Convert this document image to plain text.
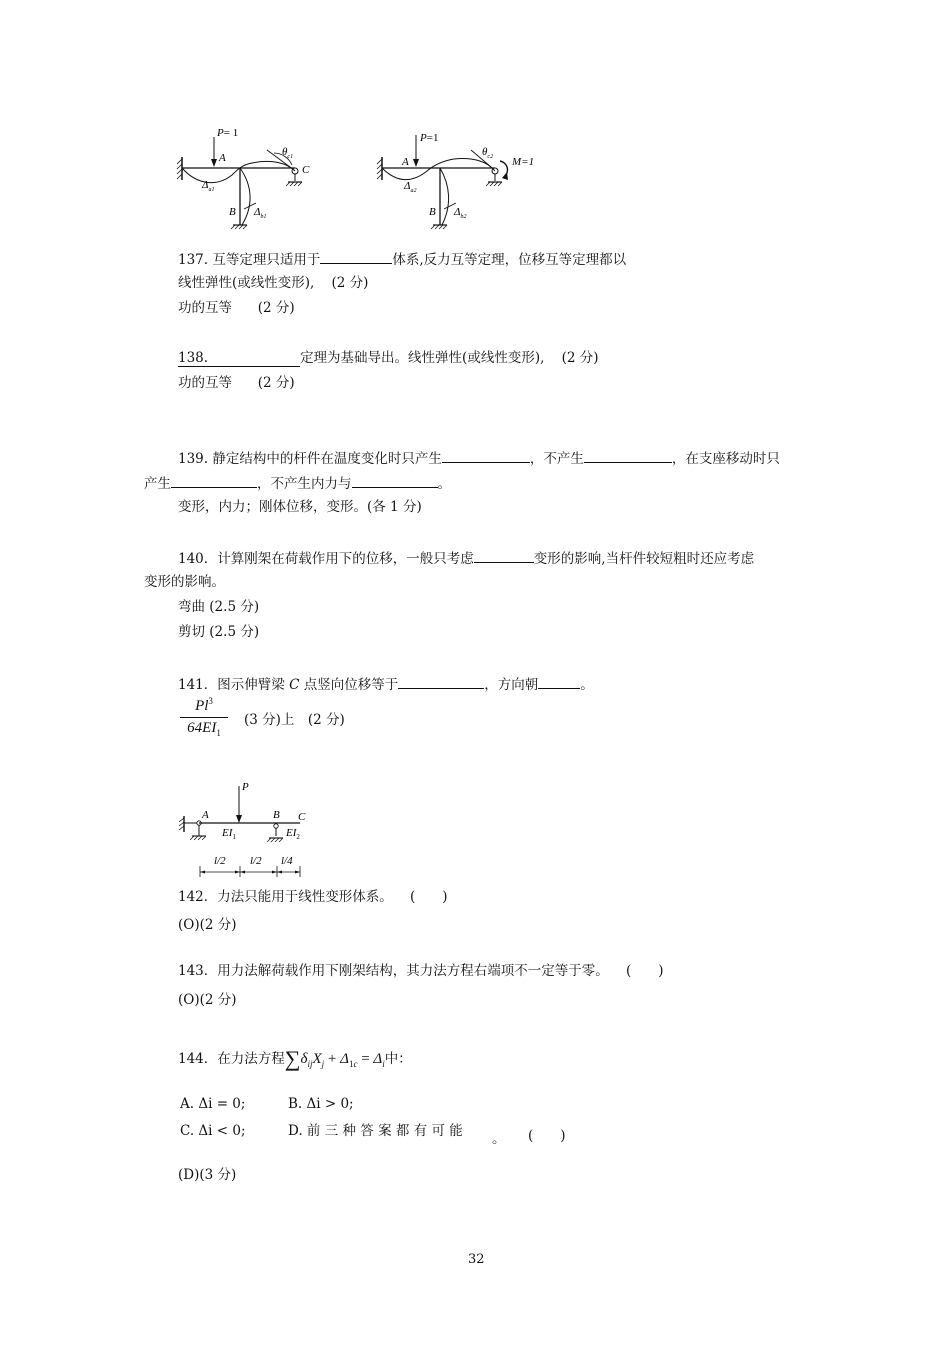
P= 1
A
C
B
$\theta_{c1}$
$\Delta_{a1}$
$\Delta_{b1}$
P=1
A
B
$\theta_{c2}$ M=1
$\Delta_{a2}$
$\Delta_{b2}$
137. 互等定理只适用于	体系,反力互等定理，位移互等定理都以
线性弹性(或线性变形), (2 分)
功的互等 (2 分)
138.	定理为基础导出。线性弹性(或线性变形), (2 分)
功的互等 (2 分)
139. 静定结构中的杆件在温度变化时只产生	，不产生	，在支座移动时只
产生	，不产生内力与	。
变形，内力；刚体位移，变形。(各 1 分)
140．计算刚架在荷载作用下的位移，一般只考虑	变形的影响,当杆件较短粗时还应考虑
变形的影响。
弯曲 (2.5 分)
剪切 (2.5 分)
141．图示伸臂梁 C 点竖向位移等于	，方向朝	。
Pl$^3$
$64EI_1$
(3 分)上　(2 分)
P
A	B C
$EI_1$	$EI_2$
l/2 l/2 l/4
142．力法只能用于线性变形体系。 (　　)
(O)(2 分)
143．用力法解荷载作用下刚架结构，其力法方程右端项不一定等于零。 (　　)
(O)(2 分)
144．在力法方程$\sum\delta_{ij}X_j + \Delta_{1c} = \Delta_i$中：
A. Δi = 0;	B. Δi > 0;
C. Δi < 0;	D. 前 三 种 答 案 都 有 可 能 。 (　　)
(D)(3 分)
32
